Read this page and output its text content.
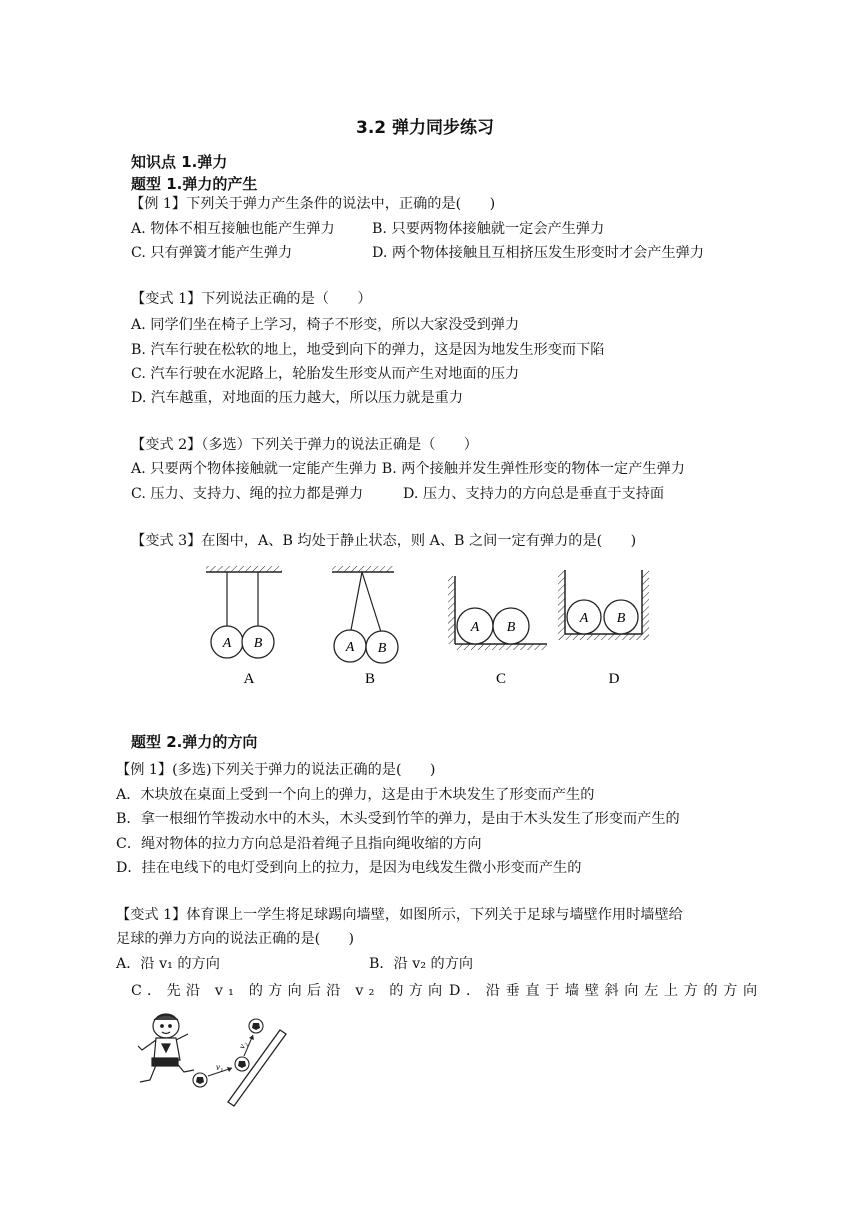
3.2 弹力同步练习
知识点 1.弹力
题型 1.弹力的产生
【例 1】下列关于弹力产生条件的说法中，正确的是(　　)
A. 物体不相互接触也能产生弹力	B. 只要两物体接触就一定会产生弹力
C. 只有弹簧才能产生弹力	D. 两个物体接触且互相挤压发生形变时才会产生弹力
【变式 1】下列说法正确的是（　　）
A. 同学们坐在椅子上学习，椅子不形变，所以大家没受到弹力
B. 汽车行驶在松软的地上，地受到向下的弹力，这是因为地发生形变而下陷
C. 汽车行驶在水泥路上，轮胎发生形变从而产生对地面的压力
D. 汽车越重，对地面的压力越大，所以压力就是重力
【变式 2】（多选）下列关于弹力的说法正确是（　　）
A. 只要两个物体接触就一定能产生弹力 B. 两个接触并发生弹性形变的物体一定产生弹力
C. 压力、支持力、绳的拉力都是弹力	D. 压力、支持力的方向总是垂直于支持面
【变式 3】在图中，A、B 均处于静止状态，则 A、B 之间一定有弹力的是(　　)
A B	A B
A B
A B
A	B	C	D
题型 2.弹力的方向
【例 1】(多选)下列关于弹力的说法正确的是(　　)
A．木块放在桌面上受到一个向上的弹力，这是由于木块发生了形变而产生的
B．拿一根细竹竿拨动水中的木头，木头受到竹竿的弹力，是由于木头发生了形变而产生的
C．绳对物体的拉力方向总是沿着绳子且指向绳收缩的方向
D．挂在电线下的电灯受到向上的拉力，是因为电线发生微小形变而产生的
【变式 1】体育课上一学生将足球踢向墙壁，如图所示，下列关于足球与墙壁作用时墙壁给
足球的弹力方向的说法正确的是(　　)
A．沿 v₁ 的方向	B．沿 v₂ 的方向
C．先沿 v₁ 的方向后沿 v₂ 的方向 D．沿垂直于墙壁斜向左上方的方向
v₁
v₂
